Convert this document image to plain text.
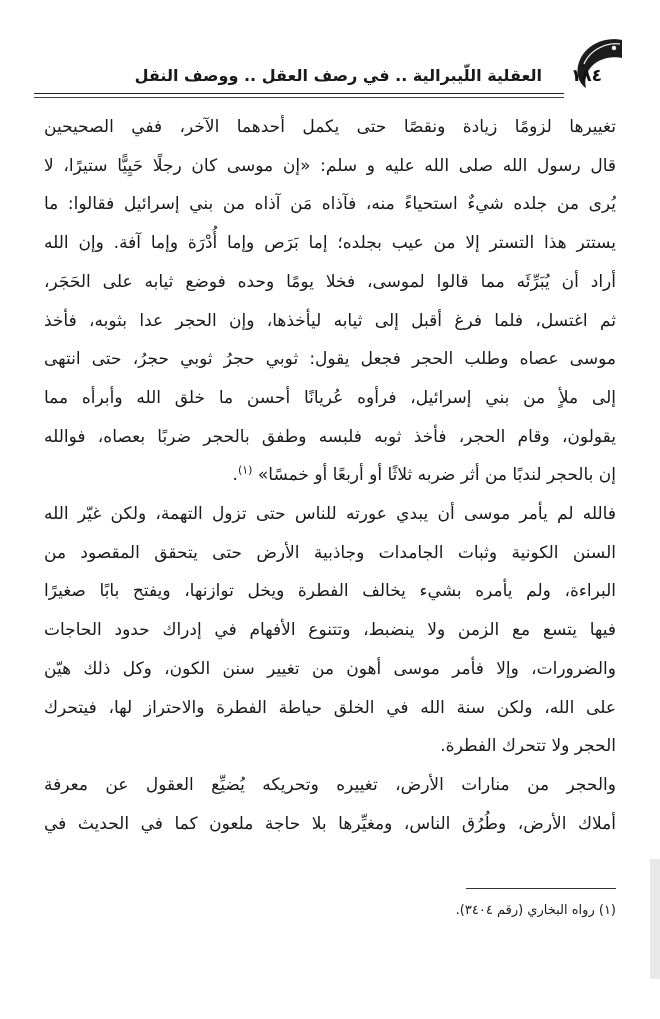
١٨٤
العقلية اللّيبرالية .. في رصف العقل .. ووصف النقل
تغييرها لزومًا زيادة ونقصًا حتى يكمل أحدهما الآخر، ففي الصحيحين
قال رسول الله صلى الله عليه و سلم: «إن موسى كان رجلًا حَيِيًّا ستيرًا، لا
يُرى من جلده شيءٌ استحياءً منه، فآذاه مَن آذاه من بني إسرائيل فقالوا: ما
يستتر هذا التستر إلا من عيب بجلده؛ إما بَرَص وإما أُدْرَة وإما آفة. وإن الله
أراد أن يُبَرِّئَه مما قالوا لموسى، فخلا يومًا وحده فوضع ثيابه على الحَجَر،
ثم اغتسل، فلما فرغ أقبل إلى ثيابه ليأخذها، وإن الحجر عدا بثوبه، فأخذ
موسى عصاه وطلب الحجر فجعل يقول: ثوبي حجرُ ثوبي حجرُ، حتى انتهى
إلى ملأٍ من بني إسرائيل، فرأوه عُريانًا أحسن ما خلق الله وأبرأه مما
يقولون، وقام الحجر، فأخذ ثوبه فلبسه وطفق بالحجر ضربًا بعصاه، فوالله
إن بالحجر لندبًا من أثر ضربه ثلاثًا أو أربعًا أو خمسًا» $^{(١)}$.
فالله لم يأمر موسى أن يبدي عورته للناس حتى تزول التهمة، ولكن غيّر الله
السنن الكونية وثبات الجامدات وجاذبية الأرض حتى يتحقق المقصود من
البراءة، ولم يأمره بشيء يخالف الفطرة ويخل توازنها، ويفتح بابًا صغيرًا
فيها يتسع مع الزمن ولا ينضبط، وتتنوع الأفهام في إدراك حدود الحاجات
والضرورات، وإلا فأمر موسى أهون من تغيير سنن الكون، وكل ذلك هيّن
على الله، ولكن سنة الله في الخلق حياطة الفطرة والاحتراز لها، فيتحرك
الحجر ولا تتحرك الفطرة.
والحجر من منارات الأرض، تغييره وتحريكه يُضيِّع العقول عن معرفة
أملاك الأرض، وطُرُق الناس، ومغيِّرها بلا حاجة ملعون كما في الحديث في
(١) رواه البخاري (رقم ٣٤٠٤).
